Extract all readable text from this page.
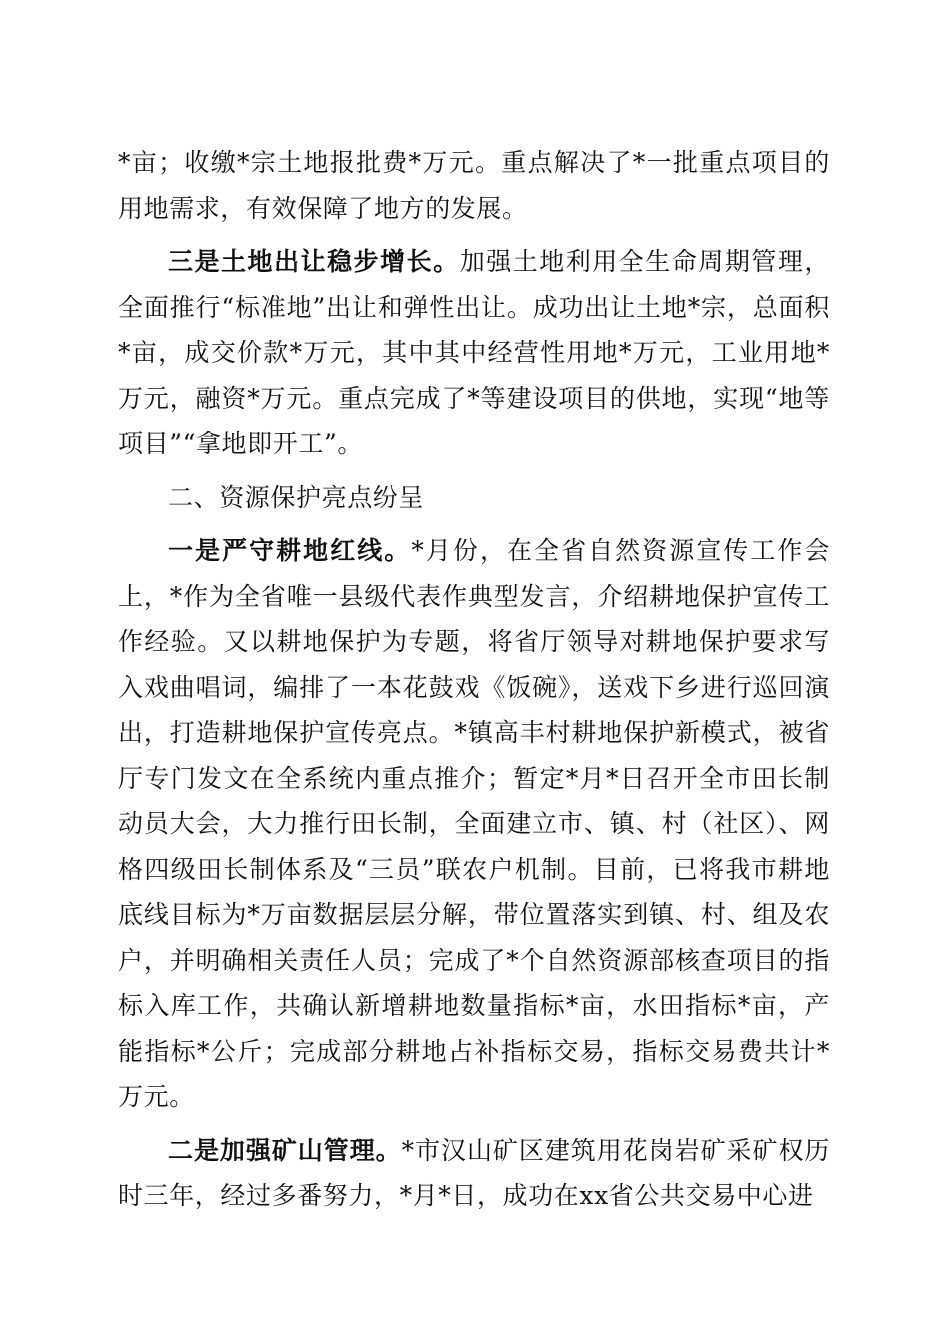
*亩；收缴*宗土地报批费*万元。重点解决了*一批重点项目的用地需求，有效保障了地方的发展。

三是土地出让稳步增长。加强土地利用全生命周期管理，全面推行“标准地”出让和弹性出让。成功出让土地*宗，总面积*亩，成交价款*万元，其中其中经营性用地*万元，工业用地*万元，融资*万元。重点完成了*等建设项目的供地，实现“地等项目”“拿地即开工”。

二、资源保护亮点纷呈

一是严守耕地红线。*月份，在全省自然资源宣传工作会上，*作为全省唯一县级代表作典型发言，介绍耕地保护宣传工作经验。又以耕地保护为专题，将省厅领导对耕地保护要求写入戏曲唱词，编排了一本花鼓戏《饭碗》，送戏下乡进行巡回演出，打造耕地保护宣传亮点。*镇高丰村耕地保护新模式，被省厅专门发文在全系统内重点推介；暂定*月*日召开全市田长制动员大会，大力推行田长制，全面建立市、镇、村（社区）、网格四级田长制体系及“三员”联农户机制。目前，已将我市耕地底线目标为*万亩数据层层分解，带位置落实到镇、村、组及农户，并明确相关责任人员；完成了*个自然资源部核查项目的指标入库工作，共确认新增耕地数量指标*亩，水田指标*亩，产能指标*公斤；完成部分耕地占补指标交易，指标交易费共计*万元。

二是加强矿山管理。*市汉山矿区建筑用花岗岩矿采矿权历时三年，经过多番努力，*月*日，成功在xx省公共交易中心进
